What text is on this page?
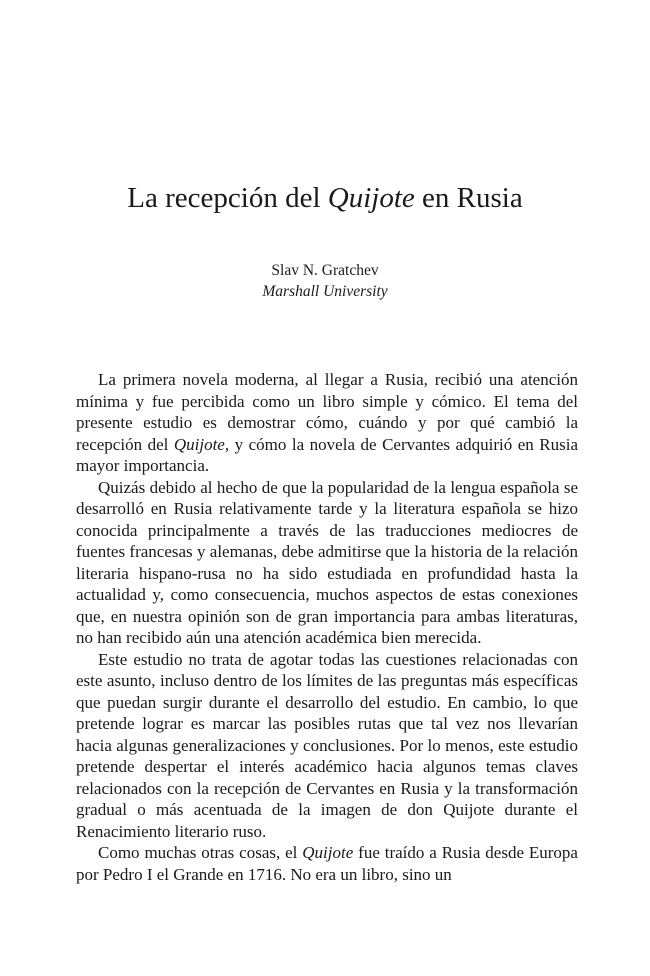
La recepción del Quijote en Rusia
Slav N. Gratchev
Marshall University

La primera novela moderna, al llegar a Rusia, recibió una atención mínima y fue percibida como un libro simple y cómico. El tema del presente estudio es demostrar cómo, cuándo y por qué cambió la recepción del Quijote, y cómo la novela de Cervantes adquirió en Rusia mayor importancia.

Quizás debido al hecho de que la popularidad de la lengua española se desarrolló en Rusia relativamente tarde y la literatura española se hizo conocida principalmente a través de las traducciones mediocres de fuentes francesas y alemanas, debe admitirse que la historia de la relación literaria hispano-rusa no ha sido estudiada en profundidad hasta la actualidad y, como consecuencia, muchos aspectos de estas conexiones que, en nuestra opinión son de gran importancia para ambas literaturas, no han recibido aún una atención académica bien merecida.

Este estudio no trata de agotar todas las cuestiones relacionadas con este asunto, incluso dentro de los límites de las preguntas más específicas que puedan surgir durante el desarrollo del estudio. En cambio, lo que pretende lograr es marcar las posibles rutas que tal vez nos llevarían hacia algunas generalizaciones y conclusiones. Por lo menos, este estudio pretende despertar el interés académico hacia algunos temas claves relacionados con la recepción de Cervantes en Rusia y la transformación gradual o más acentuada de la imagen de don Quijote durante el Renacimiento literario ruso.

Como muchas otras cosas, el Quijote fue traído a Rusia desde Europa por Pedro I el Grande en 1716. No era un libro, sino un
